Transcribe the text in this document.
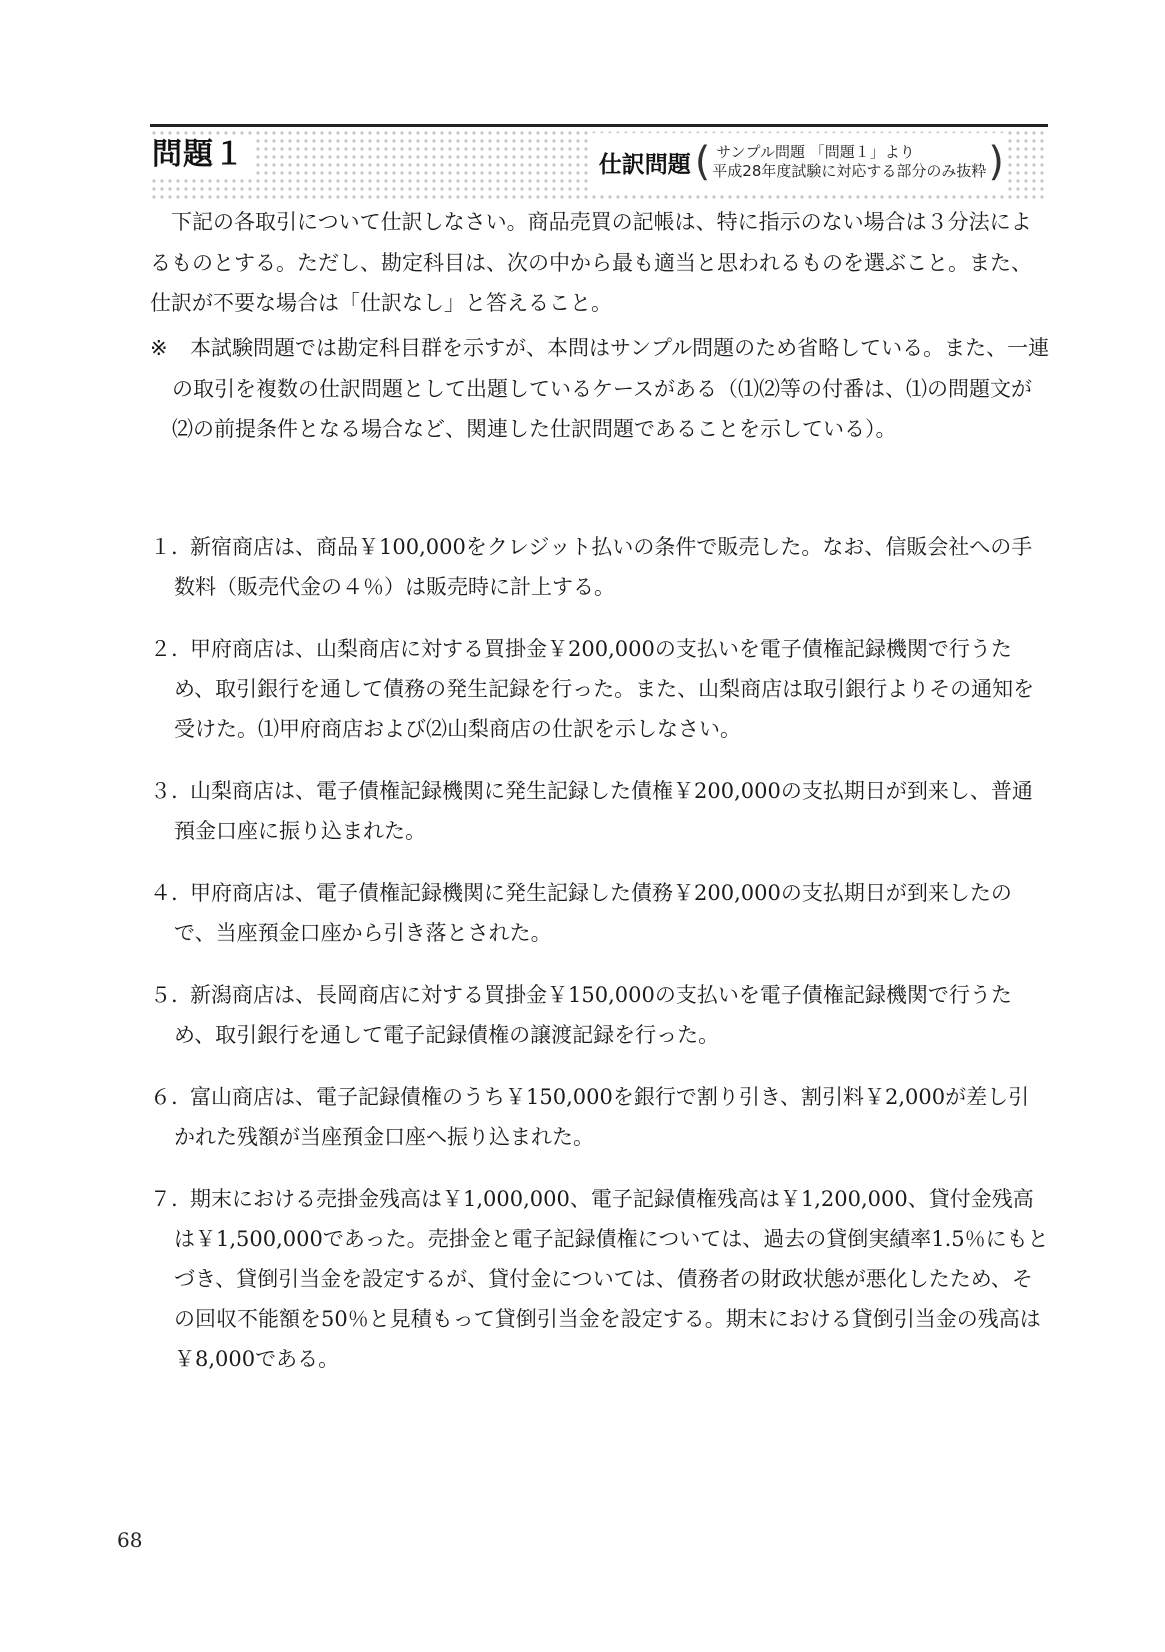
問題１	仕訳問題 ( サンプル問題 「問題１」より
平成28年度試験に対応する部分のみ抜粋 )

下記の各取引について仕訳しなさい。商品売買の記帳は、特に指示のない場合は３分法によるものとする。ただし、勘定科目は、次の中から最も適当と思われるものを選ぶこと。また、仕訳が不要な場合は「仕訳なし」と答えること。

※	本試験問題では勘定科目群を示すが、本問はサンプル問題のため省略している。また、一連の取引を複数の仕訳問題として出題しているケースがある（⑴⑵等の付番は、⑴の問題文が⑵の前提条件となる場合など、関連した仕訳問題であることを示している）。
１. 新宿商店は、商品￥100,000をクレジット払いの条件で販売した。なお、信販会社への手数料（販売代金の４％）は販売時に計上する。
２. 甲府商店は、山梨商店に対する買掛金￥200,000の支払いを電子債権記録機関で行うため、取引銀行を通して債務の発生記録を行った。また、山梨商店は取引銀行よりその通知を受けた。⑴甲府商店および⑵山梨商店の仕訳を示しなさい。
３. 山梨商店は、電子債権記録機関に発生記録した債権￥200,000の支払期日が到来し、普通預金口座に振り込まれた。
４. 甲府商店は、電子債権記録機関に発生記録した債務￥200,000の支払期日が到来したので、当座預金口座から引き落とされた。
５. 新潟商店は、長岡商店に対する買掛金￥150,000の支払いを電子債権記録機関で行うため、取引銀行を通して電子記録債権の譲渡記録を行った。
６. 富山商店は、電子記録債権のうち￥150,000を銀行で割り引き、割引料￥2,000が差し引かれた残額が当座預金口座へ振り込まれた。
７. 期末における売掛金残高は￥1,000,000、電子記録債権残高は￥1,200,000、貸付金残高は￥1,500,000であった。売掛金と電子記録債権については、過去の貸倒実績率1.5％にもとづき、貸倒引当金を設定するが、貸付金については、債務者の財政状態が悪化したため、その回収不能額を50％と見積もって貸倒引当金を設定する。期末における貸倒引当金の残高は￥8,000である。
68
